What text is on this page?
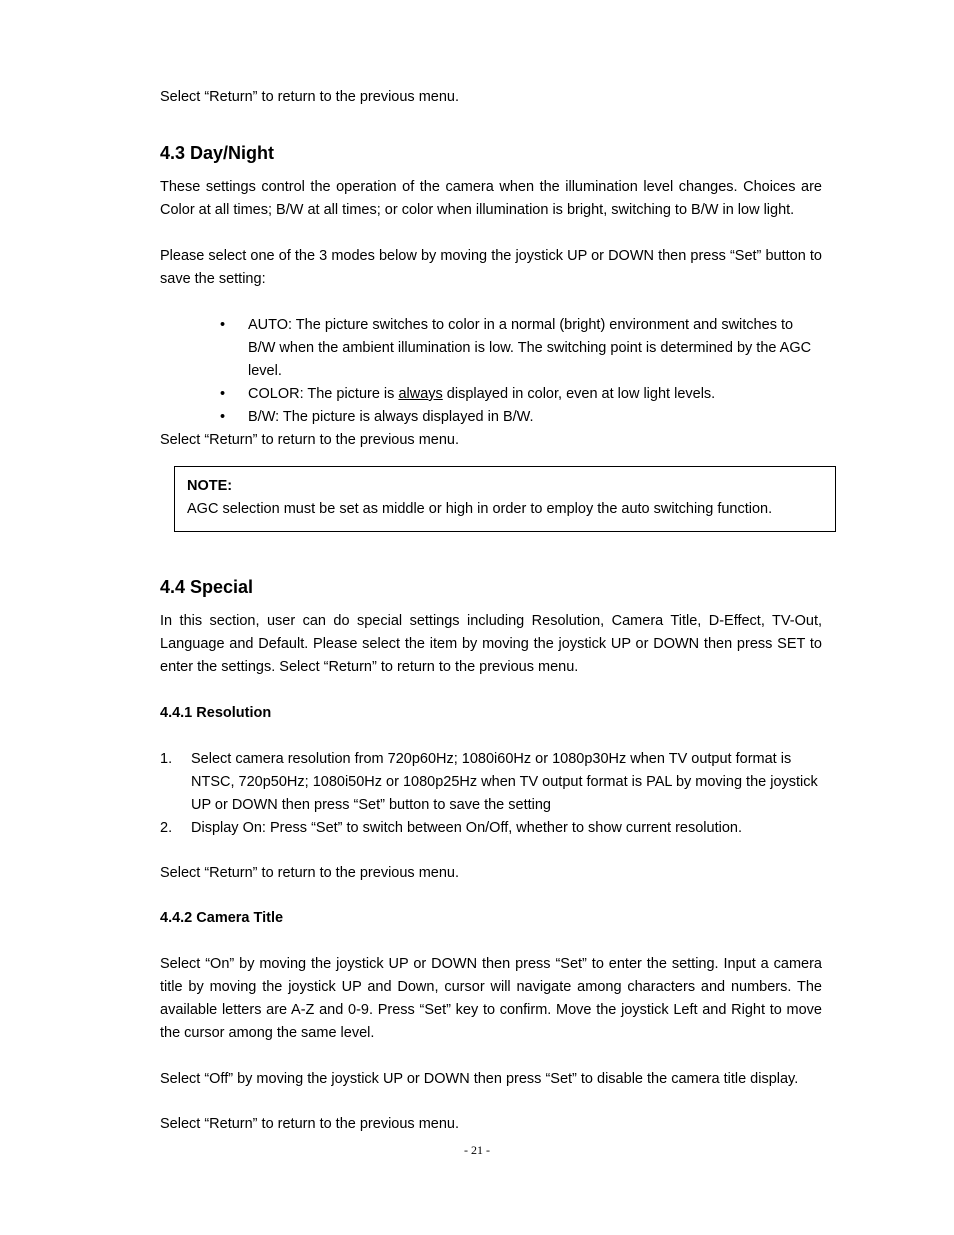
Select “Return” to return to the previous menu.

4.3 Day/Night

These settings control the operation of the camera when the illumination level changes. Choices are Color at all times; B/W at all times; or color when illumination is bright, switching to B/W in low light.

Please select one of the 3 modes below by moving the joystick UP or DOWN then press “Set” button to save the setting:

• AUTO: The picture switches to color in a normal (bright) environment and switches to B/W when the ambient illumination is low. The switching point is determined by the AGC level.
• COLOR: The picture is always displayed in color, even at low light levels.
• B/W: The picture is always displayed in B/W.

Select “Return” to return to the previous menu.

4.4 Special

In this section, user can do special settings including Resolution, Camera Title, D-Effect, TV-Out, Language and Default. Please select the item by moving the joystick UP or DOWN then press SET to enter the settings. Select “Return” to return to the previous menu.

4.4.1 Resolution
1. Select camera resolution from 720p60Hz; 1080i60Hz or 1080p30Hz when TV output format is NTSC, 720p50Hz; 1080i50Hz or 1080p25Hz when TV output format is PAL by moving the joystick UP or DOWN then press “Set” button to save the setting
2. Display On: Press “Set” to switch between On/Off, whether to show current resolution.

Select “Return” to return to the previous menu.

4.4.2 Camera Title

Select “On” by moving the joystick UP or DOWN then press “Set” to enter the setting. Input a camera title by moving the joystick UP and Down, cursor will navigate among characters and numbers. The available letters are A-Z and 0-9. Press “Set” key to confirm. Move the joystick Left and Right to move the cursor among the same level.

Select “Off” by moving the joystick UP or DOWN then press “Set” to disable the camera title display.

Select “Return” to return to the previous menu.

NOTE:
AGC selection must be set as middle or high in order to employ the auto switching function.
- 21 -
